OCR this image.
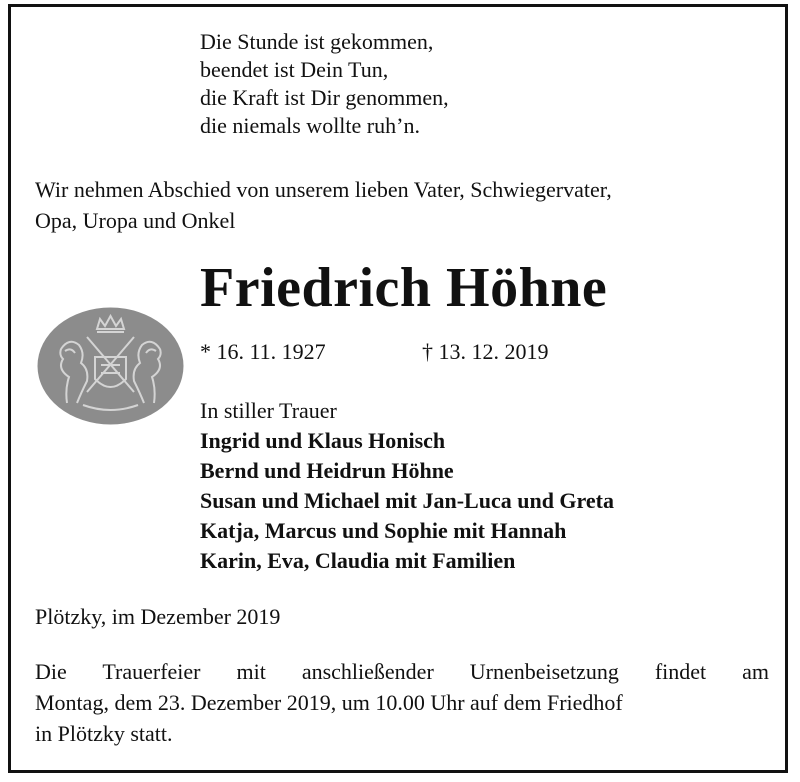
Die Stunde ist gekommen,
beendet ist Dein Tun,
die Kraft ist Dir genommen,
die niemals wollte ruh’n.
Wir nehmen Abschied von unserem lieben Vater, Schwiegervater,
Opa, Uropa und Onkel
Friedrich Höhne
* 16. 11. 1927	† 13. 12. 2019
In stiller Trauer
Ingrid und Klaus Honisch
Bernd und Heidrun Höhne
Susan und Michael mit Jan-Luca und Greta
Katja, Marcus und Sophie mit Hannah
Karin, Eva, Claudia mit Familien
Plötzky, im Dezember 2019
Die Trauerfeier mit anschließender Urnenbeisetzung findet am
Montag, dem 23. Dezember 2019, um 10.00 Uhr auf dem Friedhof
in Plötzky statt.
